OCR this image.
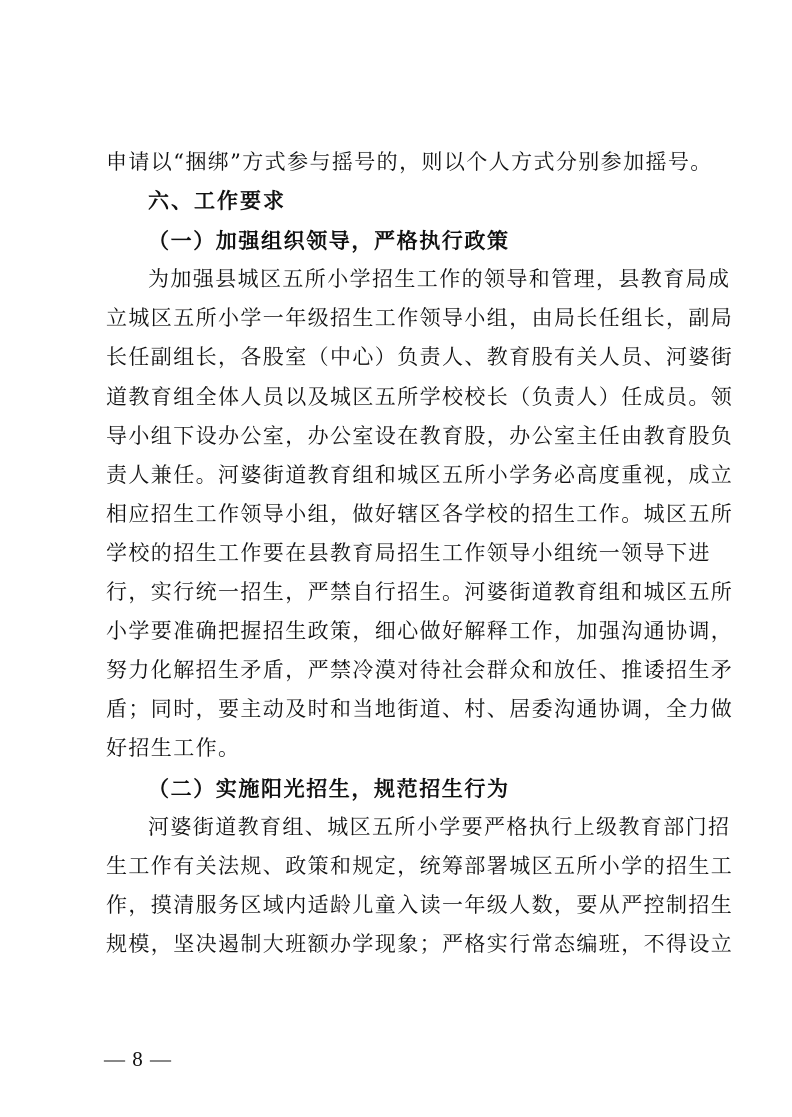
申请以“捆绑”方式参与摇号的，则以个人方式分别参加摇号。
六、工作要求
（一）加强组织领导，严格执行政策
为加强县城区五所小学招生工作的领导和管理，县教育局成
立城区五所小学一年级招生工作领导小组，由局长任组长，副局
长任副组长，各股室（中心）负责人、教育股有关人员、河婆街
道教育组全体人员以及城区五所学校校长（负责人）任成员。领
导小组下设办公室，办公室设在教育股，办公室主任由教育股负
责人兼任。河婆街道教育组和城区五所小学务必高度重视，成立
相应招生工作领导小组，做好辖区各学校的招生工作。城区五所
学校的招生工作要在县教育局招生工作领导小组统一领导下进
行，实行统一招生，严禁自行招生。河婆街道教育组和城区五所
小学要准确把握招生政策，细心做好解释工作，加强沟通协调，
努力化解招生矛盾，严禁冷漠对待社会群众和放任、推诿招生矛
盾；同时，要主动及时和当地街道、村、居委沟通协调，全力做
好招生工作。
（二）实施阳光招生，规范招生行为
河婆街道教育组、城区五所小学要严格执行上级教育部门招
生工作有关法规、政策和规定，统筹部署城区五所小学的招生工
作，摸清服务区域内适龄儿童入读一年级人数，要从严控制招生
规模，坚决遏制大班额办学现象；严格实行常态编班，不得设立
— 8 —
